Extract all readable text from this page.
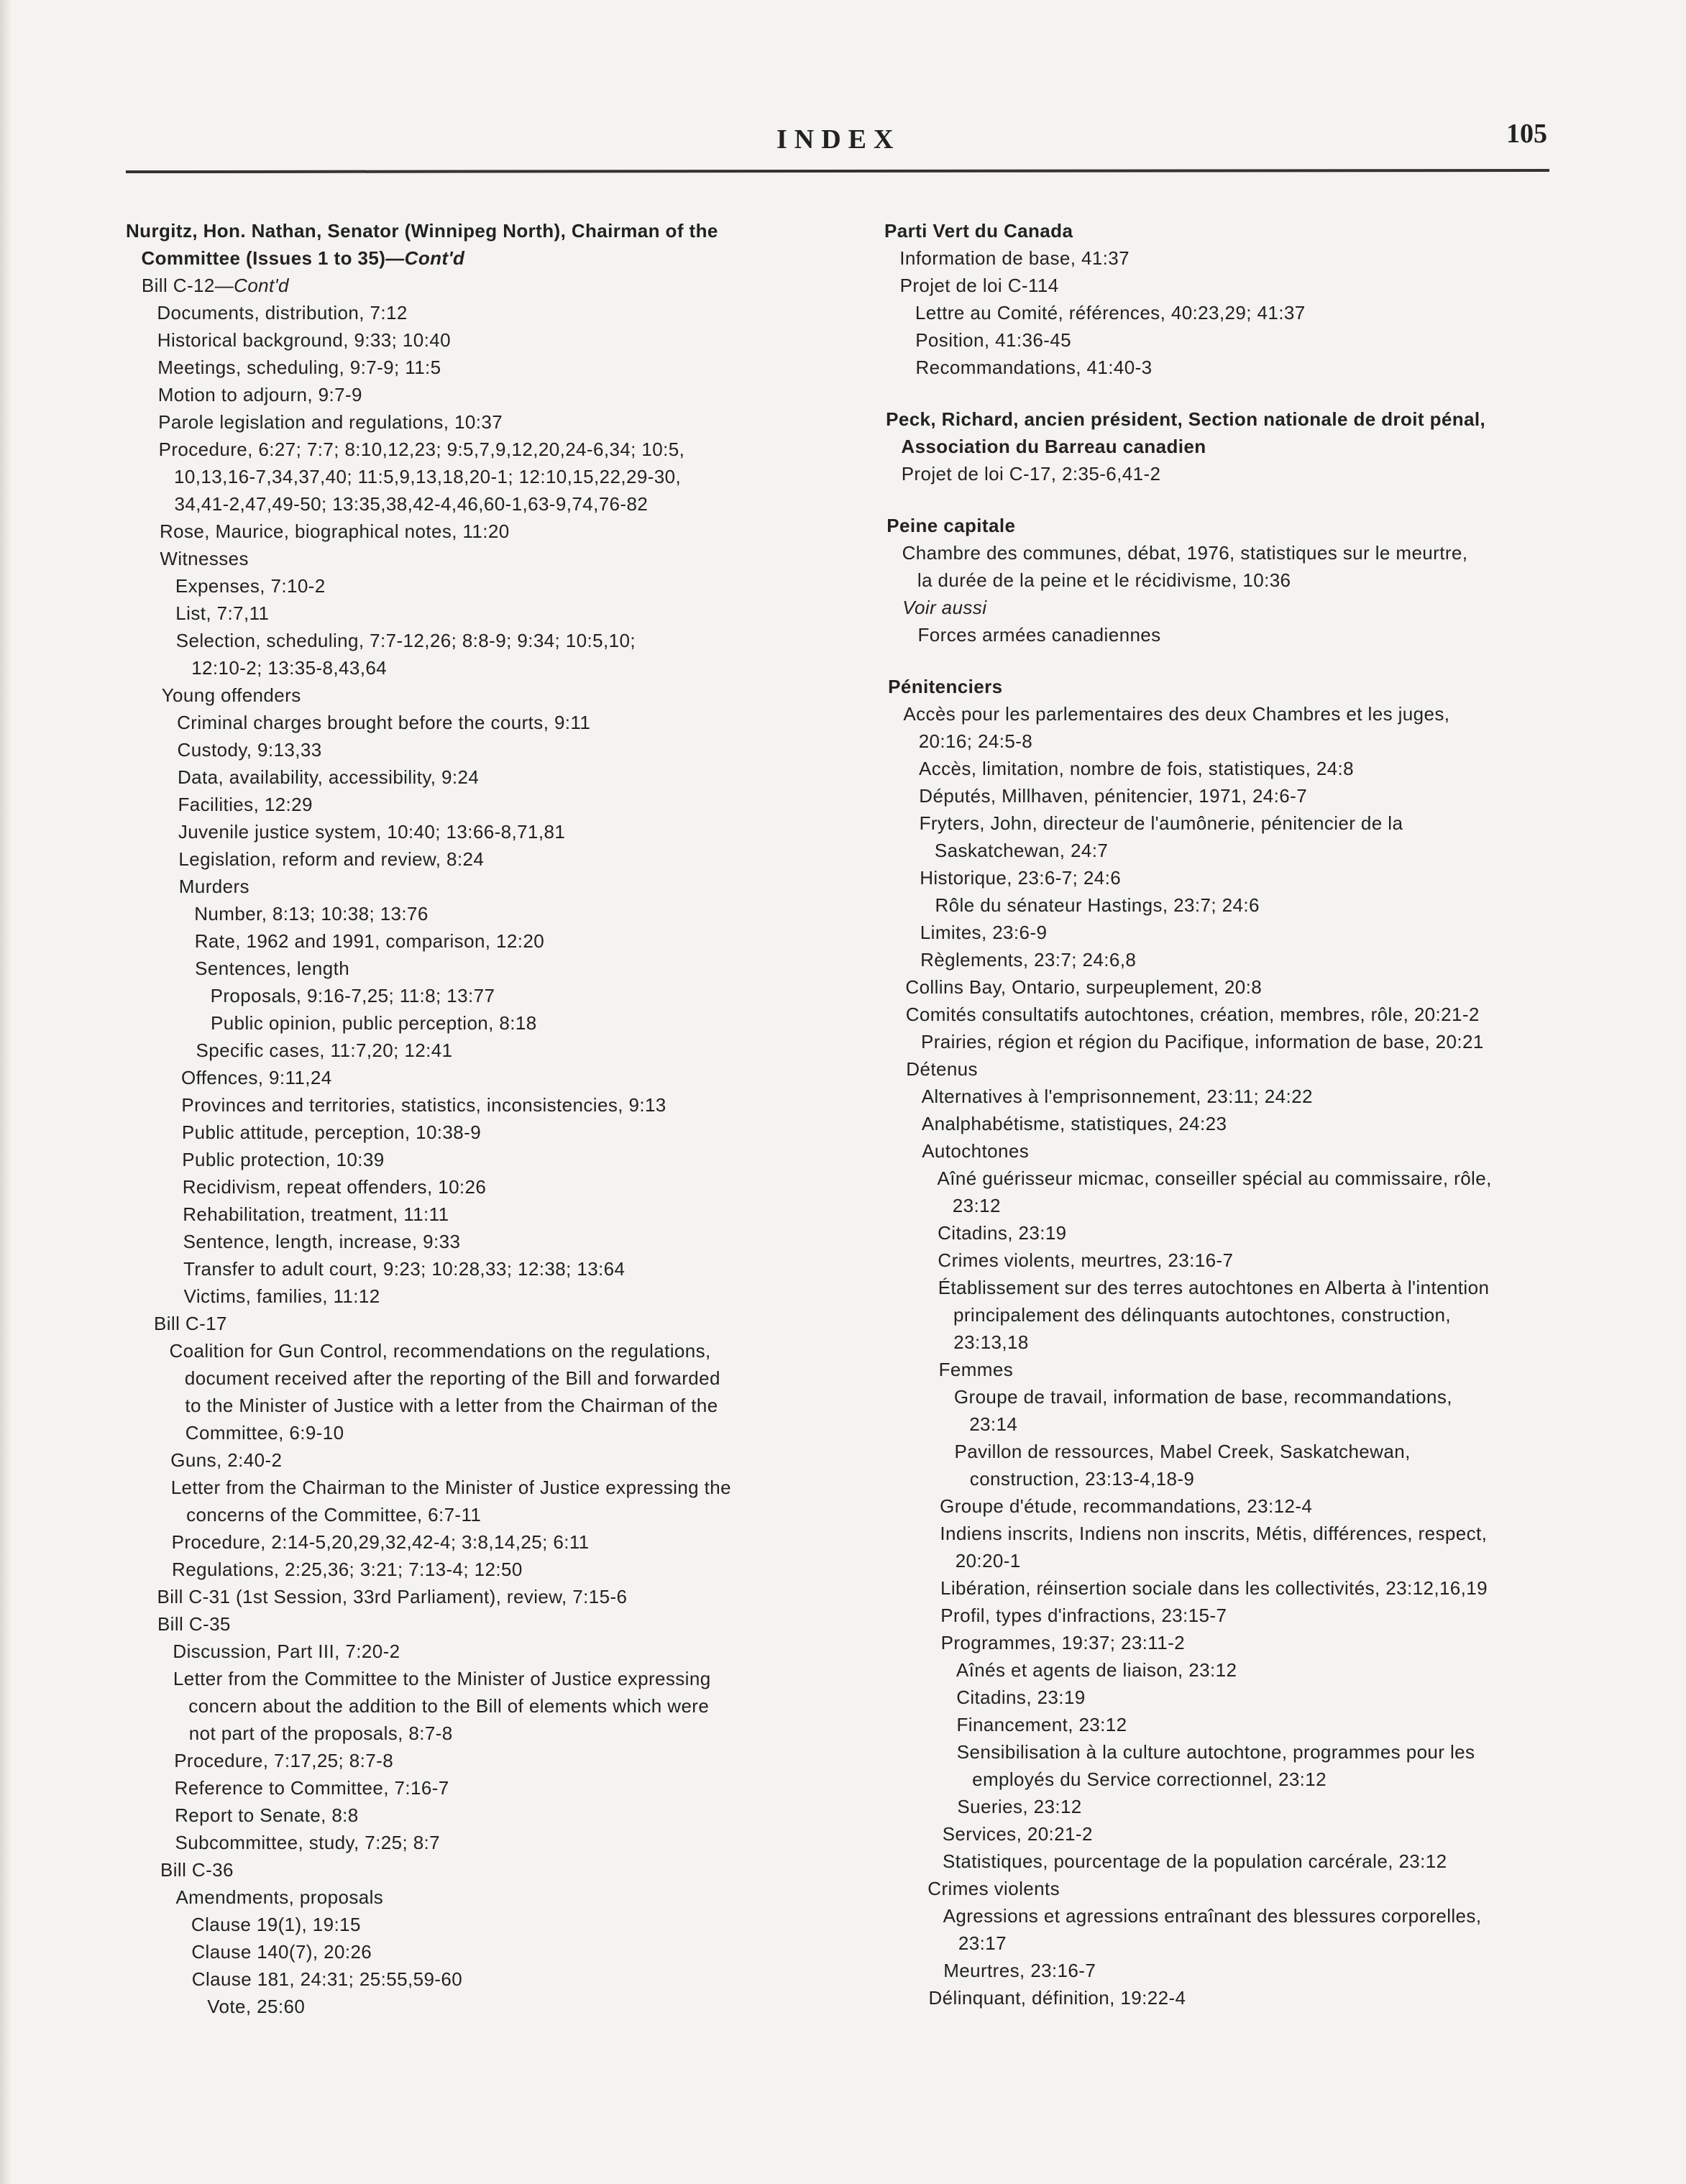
INDEX	105
Nurgitz, Hon. Nathan, Senator (Winnipeg North), Chairman of the
Committee (Issues 1 to 35)—Cont'd
Bill C-12—Cont'd
Documents, distribution, 7:12
Historical background, 9:33; 10:40
Meetings, scheduling, 9:7-9; 11:5
Motion to adjourn, 9:7-9
Parole legislation and regulations, 10:37
Procedure, 6:27; 7:7; 8:10,12,23; 9:5,7,9,12,20,24-6,34; 10:5,
10,13,16-7,34,37,40; 11:5,9,13,18,20-1; 12:10,15,22,29-30,
34,41-2,47,49-50; 13:35,38,42-4,46,60-1,63-9,74,76-82
Rose, Maurice, biographical notes, 11:20
Witnesses
Expenses, 7:10-2
List, 7:7,11
Selection, scheduling, 7:7-12,26; 8:8-9; 9:34; 10:5,10;
12:10-2; 13:35-8,43,64
Young offenders
Criminal charges brought before the courts, 9:11
Custody, 9:13,33
Data, availability, accessibility, 9:24
Facilities, 12:29
Juvenile justice system, 10:40; 13:66-8,71,81
Legislation, reform and review, 8:24
Murders
Number, 8:13; 10:38; 13:76
Rate, 1962 and 1991, comparison, 12:20
Sentences, length
Proposals, 9:16-7,25; 11:8; 13:77
Public opinion, public perception, 8:18
Specific cases, 11:7,20; 12:41
Offences, 9:11,24
Provinces and territories, statistics, inconsistencies, 9:13
Public attitude, perception, 10:38-9
Public protection, 10:39
Recidivism, repeat offenders, 10:26
Rehabilitation, treatment, 11:11
Sentence, length, increase, 9:33
Transfer to adult court, 9:23; 10:28,33; 12:38; 13:64
Victims, families, 11:12
Bill C-17
Coalition for Gun Control, recommendations on the regulations,
document received after the reporting of the Bill and forwarded
to the Minister of Justice with a letter from the Chairman of the
Committee, 6:9-10
Guns, 2:40-2
Letter from the Chairman to the Minister of Justice expressing the
concerns of the Committee, 6:7-11
Procedure, 2:14-5,20,29,32,42-4; 3:8,14,25; 6:11
Regulations, 2:25,36; 3:21; 7:13-4; 12:50
Bill C-31 (1st Session, 33rd Parliament), review, 7:15-6
Bill C-35
Discussion, Part III, 7:20-2
Letter from the Committee to the Minister of Justice expressing
concern about the addition to the Bill of elements which were
not part of the proposals, 8:7-8
Procedure, 7:17,25; 8:7-8
Reference to Committee, 7:16-7
Report to Senate, 8:8
Subcommittee, study, 7:25; 8:7
Bill C-36
Amendments, proposals
Clause 19(1), 19:15
Clause 140(7), 20:26
Clause 181, 24:31; 25:55,59-60
Vote, 25:60
Parti Vert du Canada
Information de base, 41:37
Projet de loi C-114
Lettre au Comité, références, 40:23,29; 41:37
Position, 41:36-45
Recommandations, 41:40-3
Peck, Richard, ancien président, Section nationale de droit pénal,
Association du Barreau canadien
Projet de loi C-17, 2:35-6,41-2
Peine capitale
Chambre des communes, débat, 1976, statistiques sur le meurtre,
la durée de la peine et le récidivisme, 10:36
Voir aussi
Forces armées canadiennes
Pénitenciers
Accès pour les parlementaires des deux Chambres et les juges,
20:16; 24:5-8
Accès, limitation, nombre de fois, statistiques, 24:8
Députés, Millhaven, pénitencier, 1971, 24:6-7
Fryters, John, directeur de l'aumônerie, pénitencier de la
Saskatchewan, 24:7
Historique, 23:6-7; 24:6
Rôle du sénateur Hastings, 23:7; 24:6
Limites, 23:6-9
Règlements, 23:7; 24:6,8
Collins Bay, Ontario, surpeuplement, 20:8
Comités consultatifs autochtones, création, membres, rôle, 20:21-2
Prairies, région et région du Pacifique, information de base, 20:21
Détenus
Alternatives à l'emprisonnement, 23:11; 24:22
Analphabétisme, statistiques, 24:23
Autochtones
Aîné guérisseur micmac, conseiller spécial au commissaire, rôle,
23:12
Citadins, 23:19
Crimes violents, meurtres, 23:16-7
Établissement sur des terres autochtones en Alberta à l'intention
principalement des délinquants autochtones, construction,
23:13,18
Femmes
Groupe de travail, information de base, recommandations,
23:14
Pavillon de ressources, Mabel Creek, Saskatchewan,
construction, 23:13-4,18-9
Groupe d'étude, recommandations, 23:12-4
Indiens inscrits, Indiens non inscrits, Métis, différences, respect,
20:20-1
Libération, réinsertion sociale dans les collectivités, 23:12,16,19
Profil, types d'infractions, 23:15-7
Programmes, 19:37; 23:11-2
Aînés et agents de liaison, 23:12
Citadins, 23:19
Financement, 23:12
Sensibilisation à la culture autochtone, programmes pour les
employés du Service correctionnel, 23:12
Sueries, 23:12
Services, 20:21-2
Statistiques, pourcentage de la population carcérale, 23:12
Crimes violents
Agressions et agressions entraînant des blessures corporelles,
23:17
Meurtres, 23:16-7
Délinquant, définition, 19:22-4
